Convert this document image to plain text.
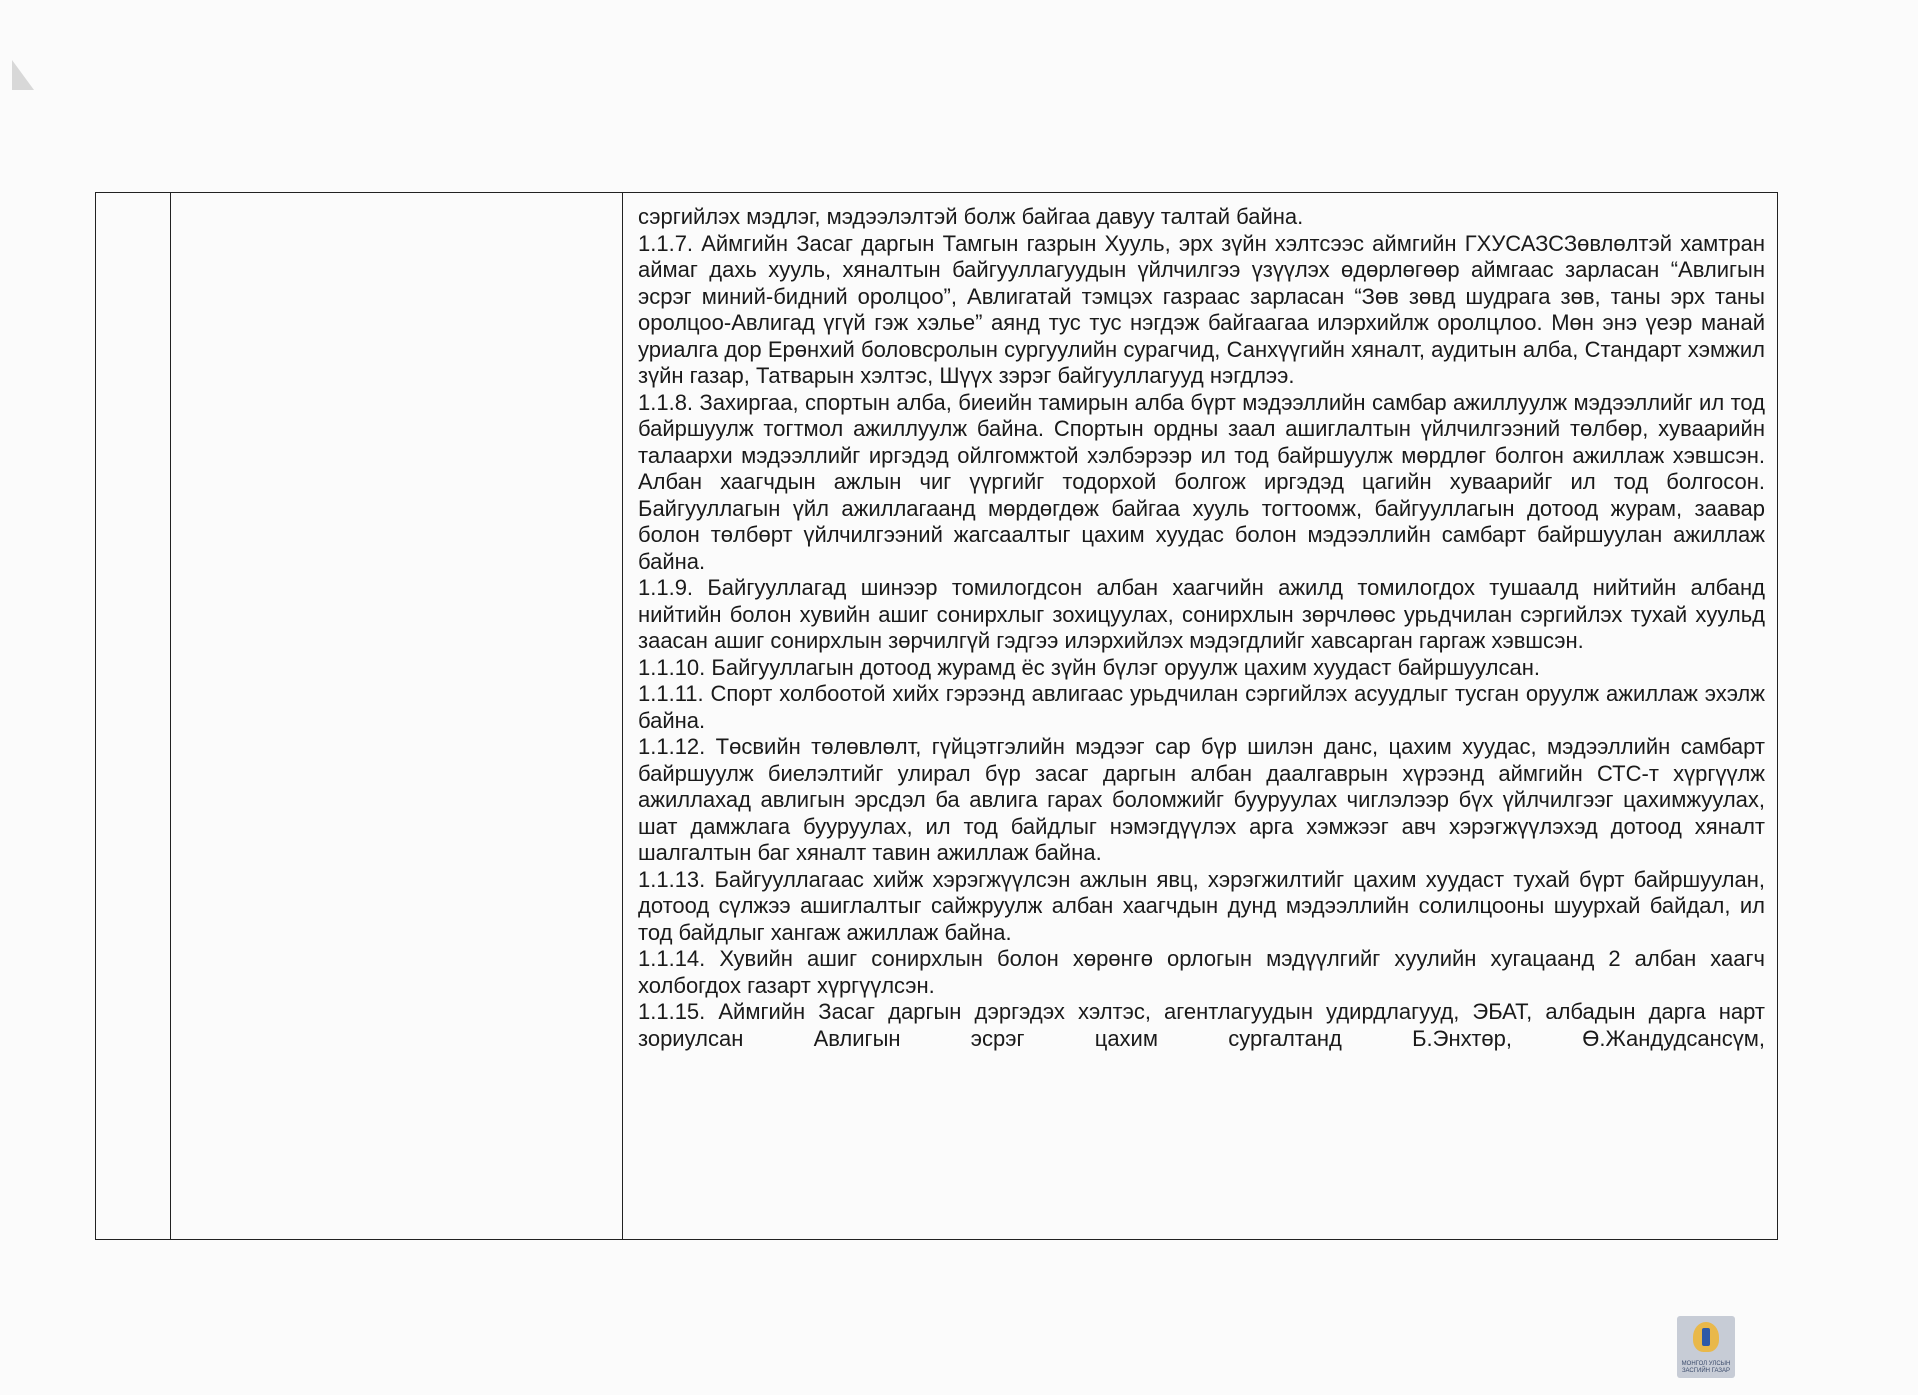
сэргийлэх мэдлэг, мэдээлэлтэй болж байгаа давуу талтай байна.

1.1.7. Аймгийн Засаг даргын Тамгын газрын Хууль, эрх зүйн хэлтсээс аймгийн ГХУСАЗСЗөвлөлтэй хамтран аймаг дахь хууль, хяналтын байгууллагуудын үйлчилгээ үзүүлэх өдөрлөгөөр аймгаас зарласан “Авлигын эсрэг миний-бидний оролцоо”, Авлигатай тэмцэх газраас зарласан “Зөв зөвд шудрага зөв, таны эрх таны оролцоо-Авлигад үгүй гэж хэлье” аянд тус тус нэгдэж байгаагаа илэрхийлж оролцлоо. Мөн энэ үеэр манай уриалга дор Ерөнхий боловсролын сургуулийн сурагчид, Санхүүгийн хяналт, аудитын алба, Стандарт хэмжил зүйн газар, Татварын хэлтэс, Шүүх зэрэг байгууллагууд нэгдлээ.

1.1.8. Захиргаа, спортын алба, биеийн тамирын алба бүрт мэдээллийн самбар ажиллуулж мэдээллийг ил тод байршуулж тогтмол ажиллуулж байна. Спортын ордны заал ашиглалтын үйлчилгээний төлбөр, хуваарийн талаархи мэдээллийг иргэдэд ойлгомжтой хэлбэрээр ил тод байршуулж мөрдлөг болгон ажиллаж хэвшсэн. Албан хаагчдын ажлын чиг үүргийг тодорхой болгож иргэдэд цагийн хуваарийг ил тод болгосон. Байгууллагын үйл ажиллагаанд мөрдөгдөж байгаа хууль тогтоомж, байгууллагын дотоод журам, заавар болон төлбөрт үйлчилгээний жагсаалтыг цахим хуудас болон мэдээллийн самбарт байршуулан ажиллаж байна.

1.1.9. Байгууллагад шинээр томилогдсон албан хаагчийн ажилд томилогдох тушаалд нийтийн албанд нийтийн болон хувийн ашиг сонирхлыг зохицуулах, сонирхлын зөрчлөөс урьдчилан сэргийлэх тухай хуульд заасан ашиг сонирхлын зөрчилгүй гэдгээ илэрхийлэх мэдэгдлийг хавсарган гаргаж хэвшсэн.

1.1.10. Байгууллагын дотоод журамд ёс зүйн бүлэг оруулж цахим хуудаст байршуулсан.

1.1.11. Спорт холбоотой хийх гэрээнд авлигаас урьдчилан сэргийлэх асуудлыг тусган оруулж ажиллаж эхэлж байна.

1.1.12. Төсвийн төлөвлөлт, гүйцэтгэлийн мэдээг сар бүр шилэн данс, цахим хуудас, мэдээллийн самбарт байршуулж биелэлтийг улирал бүр засаг даргын албан даалгаврын хүрээнд аймгийн СТС-т хүргүүлж ажиллахад авлигын эрсдэл ба авлига гарах боломжийг бууруулах чиглэлээр бүх үйлчилгээг цахимжуулах, шат дамжлага бууруулах, ил тод байдлыг нэмэгдүүлэх арга хэмжээг авч хэрэгжүүлэхэд дотоод хяналт шалгалтын баг хяналт тавин ажиллаж байна.

1.1.13. Байгууллагаас хийж хэрэгжүүлсэн ажлын явц, хэрэгжилтийг цахим хуудаст тухай бүрт байршуулан, дотоод сүлжээ ашиглалтыг сайжруулж албан хаагчдын дунд мэдээллийн солилцооны шуурхай байдал, ил тод байдлыг хангаж ажиллаж байна.

1.1.14. Хувийн ашиг сонирхлын болон хөрөнгө орлогын мэдүүлгийг хуулийн хугацаанд 2 албан хаагч холбогдох газарт хүргүүлсэн.

1.1.15. Аймгийн Засаг даргын дэргэдэх хэлтэс, агентлагуудын удирдлагууд, ЭБАТ, албадын дарга нарт зориулсан Авлигын эсрэг цахим сургалтанд Б.Энхтөр, Ө.Жандудсансүм,

МОНГОЛ УЛСЫН
ЗАСГИЙН ГАЗАР
